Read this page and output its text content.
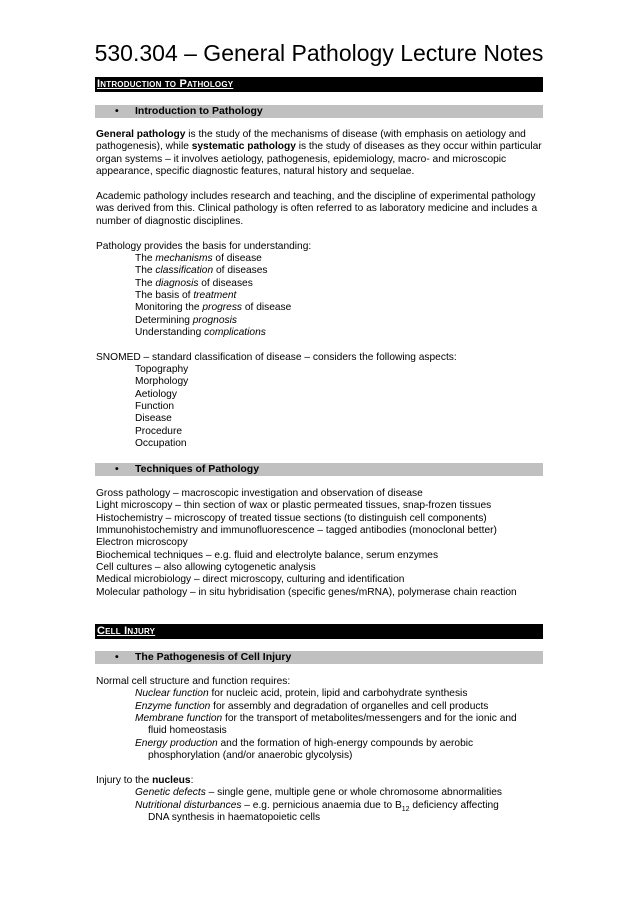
530.304 – General Pathology Lecture Notes
Introduction to Pathology
• Introduction to Pathology
General pathology is the study of the mechanisms of disease (with emphasis on aetiology and pathogenesis), while systematic pathology is the study of diseases as they occur within particular organ systems – it involves aetiology, pathogenesis, epidemiology, macro- and microscopic appearance, specific diagnostic features, natural history and sequelae.
Academic pathology includes research and teaching, and the discipline of experimental pathology was derived from this. Clinical pathology is often referred to as laboratory medicine and includes a number of diagnostic disciplines.
Pathology provides the basis for understanding:
The mechanisms of disease
The classification of diseases
The diagnosis of diseases
The basis of treatment
Monitoring the progress of disease
Determining prognosis
Understanding complications
SNOMED – standard classification of disease – considers the following aspects:
Topography
Morphology
Aetiology
Function
Disease
Procedure
Occupation
• Techniques of Pathology
Gross pathology – macroscopic investigation and observation of disease
Light microscopy – thin section of wax or plastic permeated tissues, snap-frozen tissues
Histochemistry – microscopy of treated tissue sections (to distinguish cell components)
Immunohistochemistry and immunofluorescence – tagged antibodies (monoclonal better)
Electron microscopy
Biochemical techniques – e.g. fluid and electrolyte balance, serum enzymes
Cell cultures – also allowing cytogenetic analysis
Medical microbiology – direct microscopy, culturing and identification
Molecular pathology – in situ hybridisation (specific genes/mRNA), polymerase chain reaction
Cell Injury
• The Pathogenesis of Cell Injury
Normal cell structure and function requires:
Nuclear function for nucleic acid, protein, lipid and carbohydrate synthesis
Enzyme function for assembly and degradation of organelles and cell products
Membrane function for the transport of metabolites/messengers and for the ionic and
fluid homeostasis
Energy production and the formation of high-energy compounds by aerobic
phosphorylation (and/or anaerobic glycolysis)
Injury to the nucleus:
Genetic defects – single gene, multiple gene or whole chromosome abnormalities
Nutritional disturbances – e.g. pernicious anaemia due to $B_{12}$ deficiency affecting
DNA synthesis in haematopoietic cells
